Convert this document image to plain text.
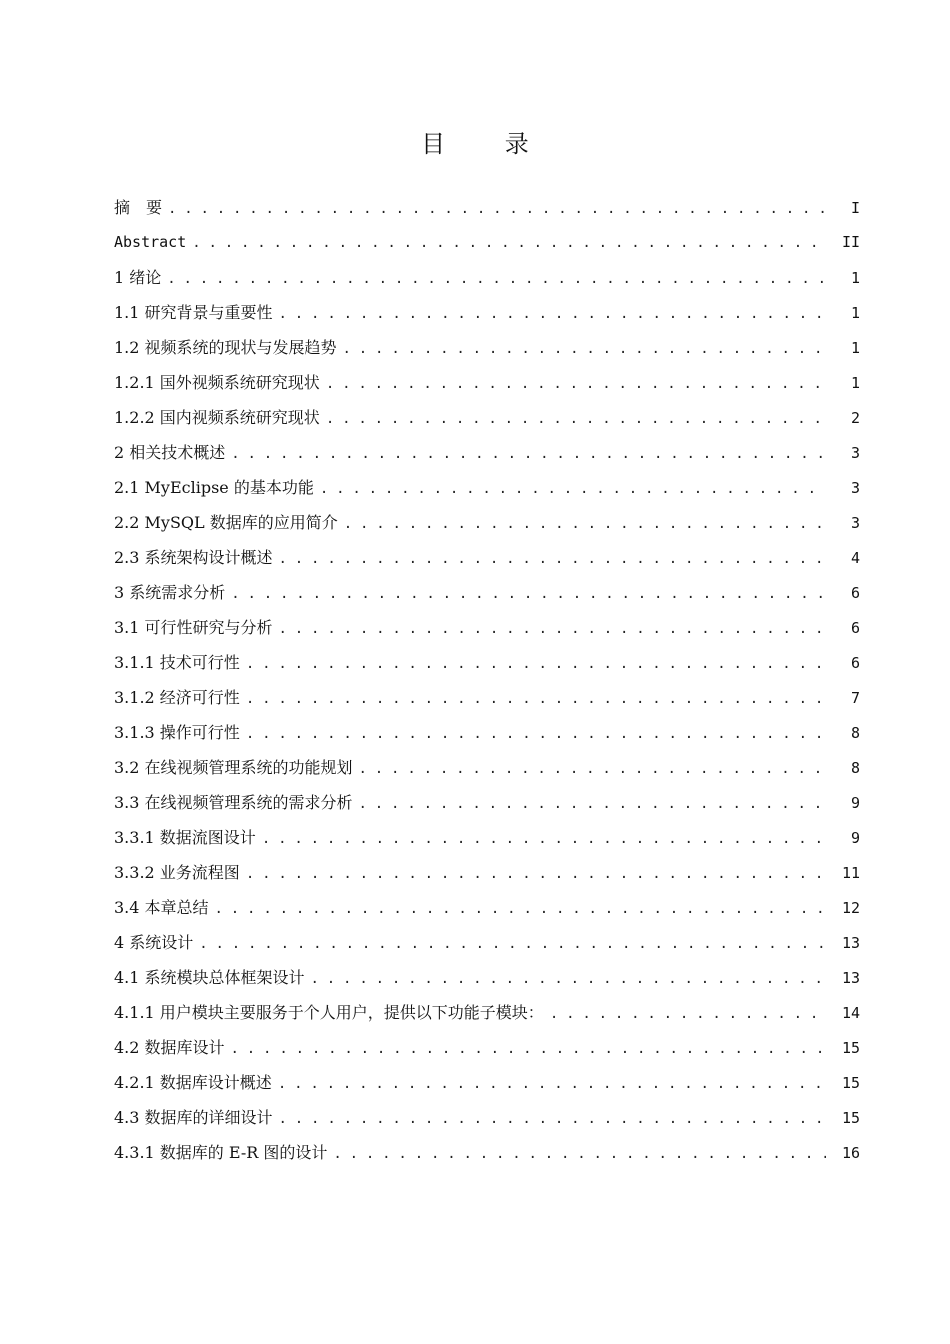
目 录
摘　要 . . .	I
Abstract . . .	II
1 绪论 . . .	1
1.1 研究背景与重要性 . . .	1
1.2 视频系统的现状与发展趋势 . . .	1
1.2.1 国外视频系统研究现状 . . .	1
1.2.2 国内视频系统研究现状 . . .	2
2 相关技术概述 . . .	3
2.1 MyEclipse 的基本功能 . . .	3
2.2 MySQL 数据库的应用简介 . . .	3
2.3 系统架构设计概述 . . .	4
3 系统需求分析 . . .	6
3.1 可行性研究与分析 . . .	6
3.1.1 技术可行性 . . .	6
3.1.2 经济可行性 . . .	7
3.1.3 操作可行性 . . .	8
3.2 在线视频管理系统的功能规划 . . .	8
3.3 在线视频管理系统的需求分析 . . .	9
3.3.1 数据流图设计 . . .	9
3.3.2 业务流程图 . . .	11
3.4 本章总结 . . .	12
4 系统设计 . . .	13
4.1 系统模块总体框架设计 . . .	13
4.1.1 用户模块主要服务于个人用户，提供以下功能子模块： . . .	14
4.2 数据库设计 . . .	15
4.2.1 数据库设计概述 . . .	15
4.3 数据库的详细设计 . . .	15
4.3.1 数据库的 E-R 图的设计 . . .	16
